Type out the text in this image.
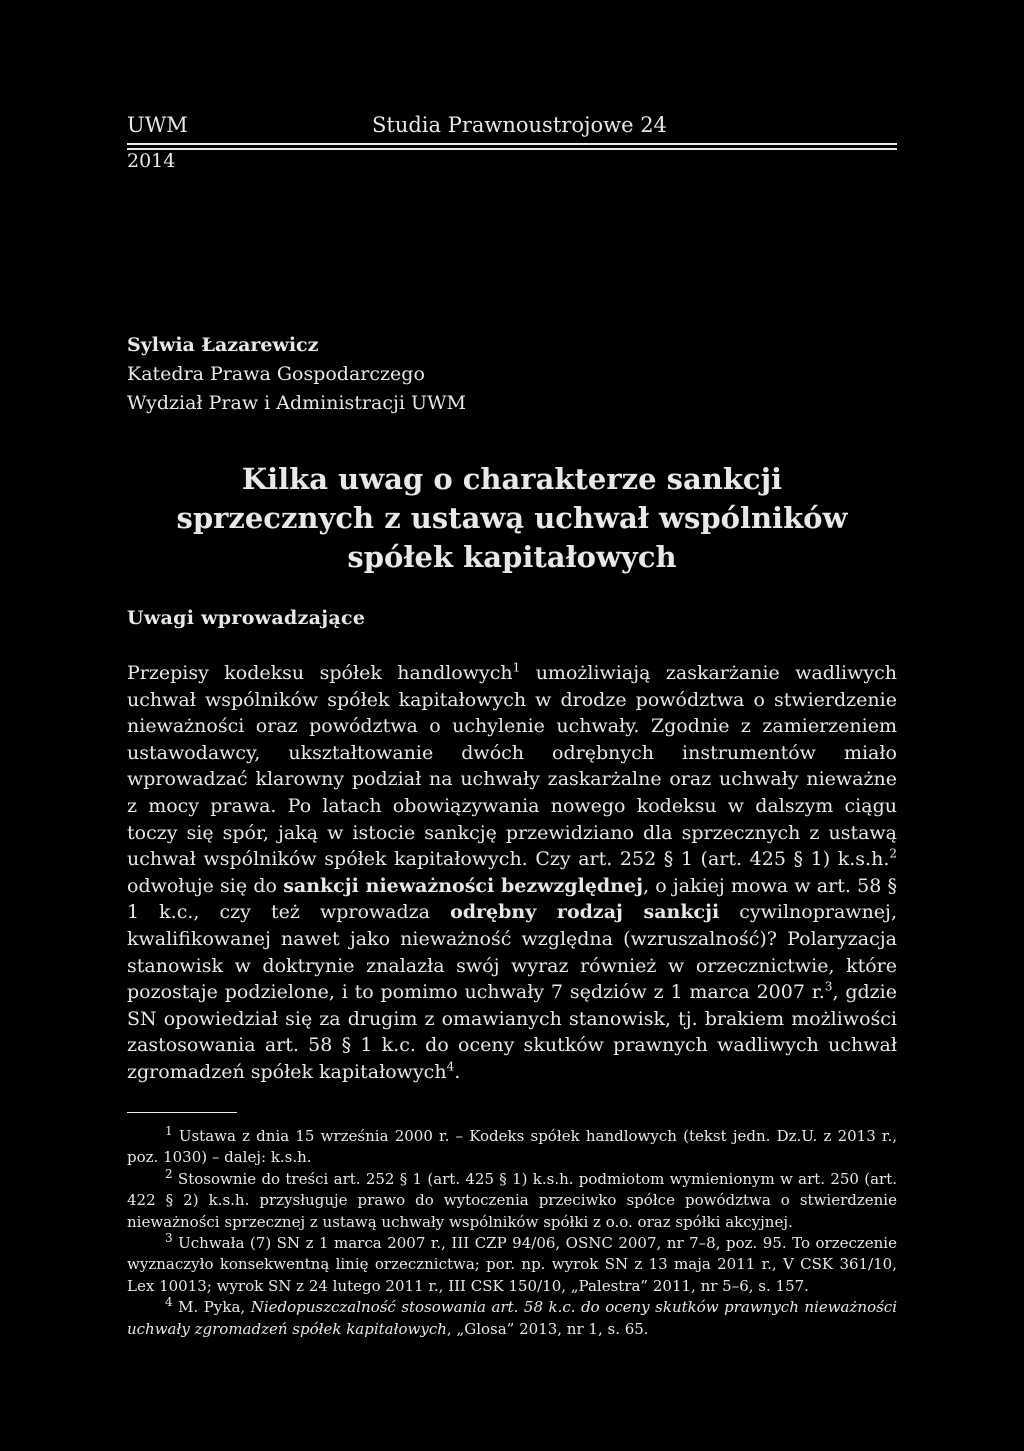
UWM	Studia Prawnoustrojowe 24
2014
Sylwia Łazarewicz
Katedra Prawa Gospodarczego
Wydział Praw i Administracji UWM
Kilka uwag o charakterze sankcji
sprzecznych z ustawą uchwał wspólników
spółek kapitałowych
Uwagi wprowadzające
Przepisy kodeksu spółek handlowych$^1$ umożliwiają zaskarżanie wadliwych uchwał wspólników spółek kapitałowych w drodze powództwa o stwierdzenie nieważności oraz powództwa o uchylenie uchwały. Zgodnie z zamierzeniem ustawodawcy, ukształtowanie dwóch odrębnych instrumentów miało wprowadzać klarowny podział na uchwały zaskarżalne oraz uchwały nieważne z mocy prawa. Po latach obowiązywania nowego kodeksu w dalszym ciągu toczy się spór, jaką w istocie sankcję przewidziano dla sprzecznych z ustawą uchwał wspólników spółek kapitałowych. Czy art. 252 § 1 (art. 425 § 1) k.s.h.$^2$ odwołuje się do sankcji nieważności bezwzględnej, o jakiej mowa w art. 58 § 1 k.c., czy też wprowadza odrębny rodzaj sankcji cywilnoprawnej, kwalifikowanej nawet jako nieważność względna (wzruszalność)? Polaryzacja stanowisk w doktrynie znalazła swój wyraz również w orzecznictwie, które pozostaje podzielone, i to pomimo uchwały 7 sędziów z 1 marca 2007 r.$^3$, gdzie SN opowiedział się za drugim z omawianych stanowisk, tj. brakiem możliwości zastosowania art. 58 § 1 k.c. do oceny skutków prawnych wadliwych uchwał zgromadzeń spółek kapitałowych$^4$.

$^1$ Ustawa z dnia 15 września 2000 r. – Kodeks spółek handlowych (tekst jedn. Dz.U. z 2013 r., poz. 1030) – dalej: k.s.h.

$^2$ Stosownie do treści art. 252 § 1 (art. 425 § 1) k.s.h. podmiotom wymienionym w art. 250 (art. 422 § 2) k.s.h. przysługuje prawo do wytoczenia przeciwko spółce powództwa o stwierdzenie nieważności sprzecznej z ustawą uchwały wspólników spółki z o.o. oraz spółki akcyjnej.

$^3$ Uchwała (7) SN z 1 marca 2007 r., III CZP 94/06, OSNC 2007, nr 7–8, poz. 95. To orzeczenie wyznaczyło konsekwentną linię orzecznictwa; por. np. wyrok SN z 13 maja 2011 r., V CSK 361/10, Lex 10013; wyrok SN z 24 lutego 2011 r., III CSK 150/10, „Palestra” 2011, nr 5–6, s. 157.

$^4$ M. Pyka, Niedopuszczalność stosowania art. 58 k.c. do oceny skutków prawnych nieważności uchwały zgromadzeń spółek kapitałowych, „Glosa” 2013, nr 1, s. 65.
